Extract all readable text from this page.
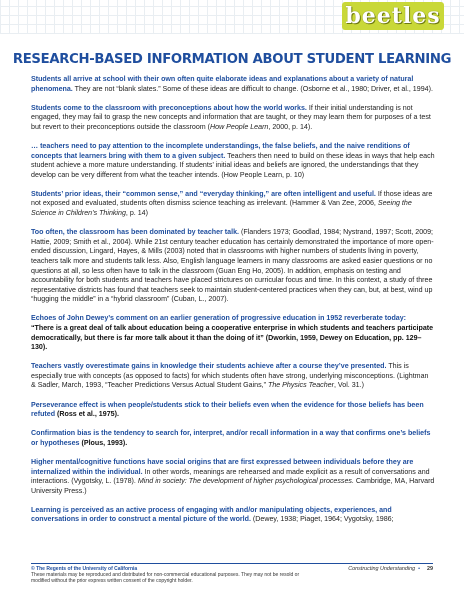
beetles
RESEARCH-BASED INFORMATION ABOUT STUDENT LEARNING

Students all arrive at school with their own often quite elaborate ideas and explanations about a variety of natural phenomena. They are not “blank slates.” Some of these ideas are difficult to change. (Osborne et al., 1980; Driver, et al., 1994).

Students come to the classroom with preconceptions about how the world works. If their initial understanding is not engaged, they may fail to grasp the new concepts and information that are taught, or they may learn them for purposes of a test but revert to their preconceptions outside the classroom (How People Learn, 2000, p. 14).

… teachers need to pay attention to the incomplete understandings, the false beliefs, and the naive renditions of concepts that learners bring with them to a given subject. Teachers then need to build on these ideas in ways that help each student achieve a more mature understanding. If students’ initial ideas and beliefs are ignored, the understandings that they develop can be very different from what the teacher intends. (How People Learn, p. 10)

Students’ prior ideas, their “common sense,” and “everyday thinking,” are often intelligent and useful. If those ideas are not exposed and evaluated, students often dismiss science teaching as irrelevant. (Hammer & Van Zee, 2006, Seeing the Science in Children’s Thinking, p. 14)

Too often, the classroom has been dominated by teacher talk. (Flanders 1973; Goodlad, 1984; Nystrand, 1997; Scott, 2009; Hattie, 2009; Smith et al., 2004). While 21st century teacher education has certainly demonstrated the importance of more open-ended discussion, Lingard, Hayes, & Mills (2003) noted that in classrooms with higher numbers of students living in poverty, teachers talk more and students talk less. Also, English language learners in many classrooms are asked easier questions or no questions at all, so less often have to talk in the classroom (Guan Eng Ho, 2005). In addition, emphasis on testing and accountability for both students and teachers have placed strictures on curricular focus and time. In this context, a study of three representative districts has found that teachers seek to maintain student-centered practices when they can, but, at best, wind up “hugging the middle” in a “hybrid classroom” (Cuban, L., 2007).

Echoes of John Dewey’s comment on an earlier generation of progressive education in 1952 reverberate today:
“There is a great deal of talk about education being a cooperative enterprise in which students and teachers participate democratically, but there is far more talk about it than the doing of it” (Dworkin, 1959, Dewey on Education, pp. 129–130).

Teachers vastly overestimate gains in knowledge their students achieve after a course they’ve presented. This is especially true with concepts (as opposed to facts) for which students often have strong, underlying misconceptions. (Lightman & Sadler, March, 1993, “Teacher Predictions Versus Actual Student Gains,” The Physics Teacher, Vol. 31.)

Perseverance effect is when people/students stick to their beliefs even when the evidence for those beliefs has been refuted (Ross et al., 1975).

Confirmation bias is the tendency to search for, interpret, and/or recall information in a way that confirms one’s beliefs or hypotheses (Plous, 1993).

Higher mental/cognitive functions have social origins that are first expressed between individuals before they are internalized within the individual. In other words, meanings are rehearsed and made explicit as a result of conversations and interactions. (Vygotsky, L. (1978). Mind in society: The development of higher psychological processes. Cambridge, MA, Harvard University Press.)

Learning is perceived as an active process of engaging with and/or manipulating objects, experiences, and conversations in order to construct a mental picture of the world. (Dewey, 1938; Piaget, 1964; Vygotsky, 1986;

© The Regents of the University of California
These materials may be reproduced and distributed for non-commercial educational purposes. They may not be resold or modified without the prior express written consent of the copyright holder.
Constructing Understanding • 29
